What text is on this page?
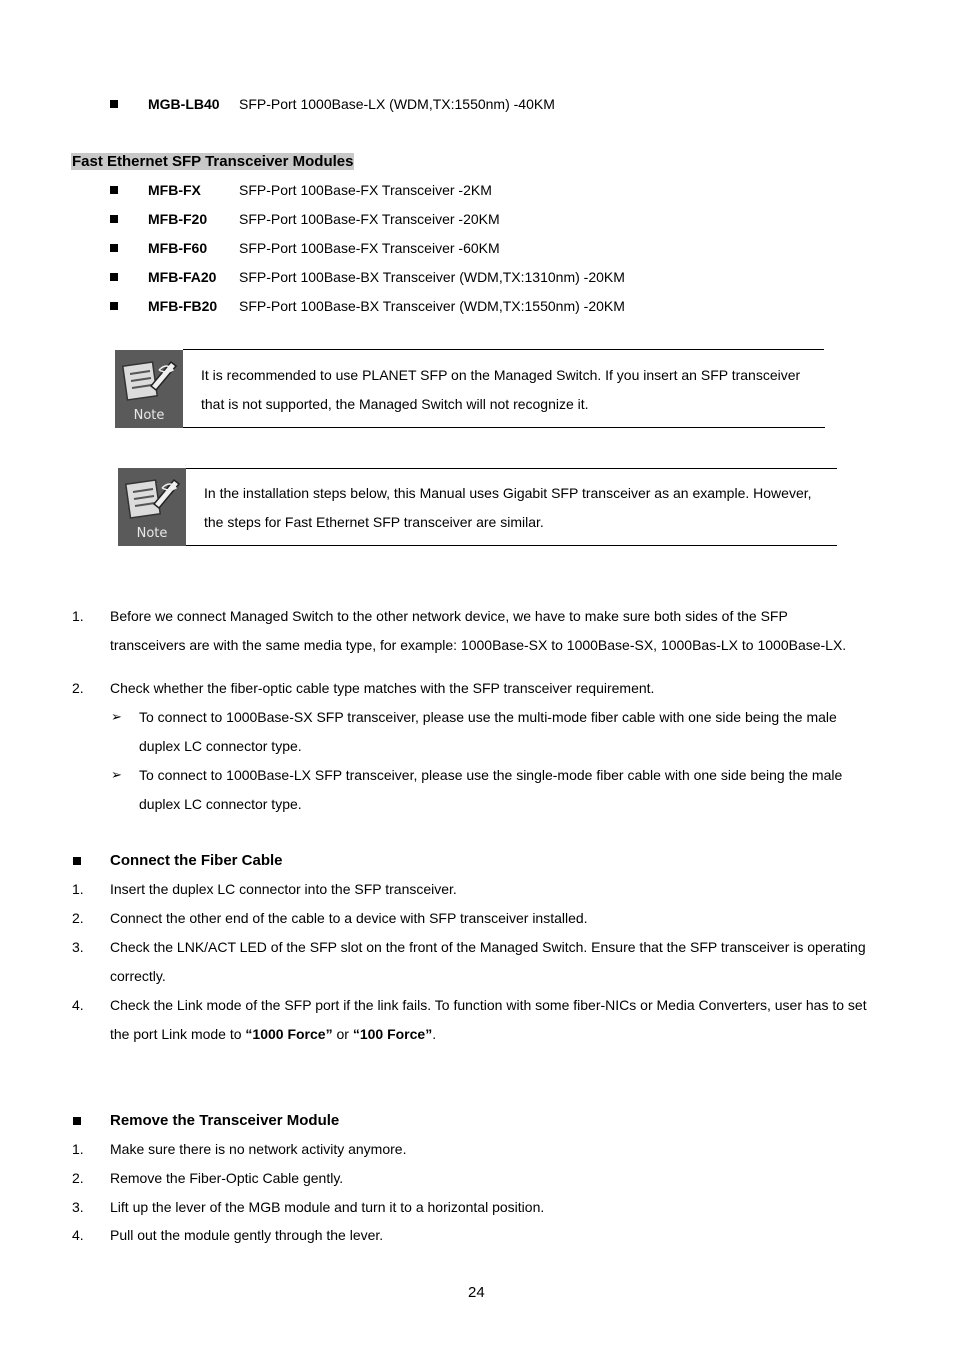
MGB-LB40 SFP-Port 1000Base-LX (WDM,TX:1550nm) -40KM
Fast Ethernet SFP Transceiver Modules
MFB-FX	SFP-Port 100Base-FX Transceiver -2KM
MFB-F20 SFP-Port 100Base-FX Transceiver -20KM
MFB-F60 SFP-Port 100Base-FX Transceiver -60KM
MFB-FA20 SFP-Port 100Base-BX Transceiver (WDM,TX:1310nm) -20KM
MFB-FB20 SFP-Port 100Base-BX Transceiver (WDM,TX:1550nm) -20KM
Note
It is recommended to use PLANET SFP on the Managed Switch. If you insert an SFP transceiver
that is not supported, the Managed Switch will not recognize it.
Note
In the installation steps below, this Manual uses Gigabit SFP transceiver as an example. However,
the steps for Fast Ethernet SFP transceiver are similar.
1. Before we connect Managed Switch to the other network device, we have to make sure both sides of the SFP
transceivers are with the same media type, for example: 1000Base-SX to 1000Base-SX, 1000Bas-LX to 1000Base-LX.
2. Check whether the fiber-optic cable type matches with the SFP transceiver requirement.
➢ To connect to 1000Base-SX SFP transceiver, please use the multi-mode fiber cable with one side being the male
duplex LC connector type.
➢ To connect to 1000Base-LX SFP transceiver, please use the single-mode fiber cable with one side being the male
duplex LC connector type.
Connect the Fiber Cable
1. Insert the duplex LC connector into the SFP transceiver.
2. Connect the other end of the cable to a device with SFP transceiver installed.
3. Check the LNK/ACT LED of the SFP slot on the front of the Managed Switch. Ensure that the SFP transceiver is operating
correctly.
4. Check the Link mode of the SFP port if the link fails. To function with some fiber-NICs or Media Converters, user has to set
the port Link mode to “1000 Force” or “100 Force”.
Remove the Transceiver Module
1. Make sure there is no network activity anymore.
2. Remove the Fiber-Optic Cable gently.
3. Lift up the lever of the MGB module and turn it to a horizontal position.
4. Pull out the module gently through the lever.
24
